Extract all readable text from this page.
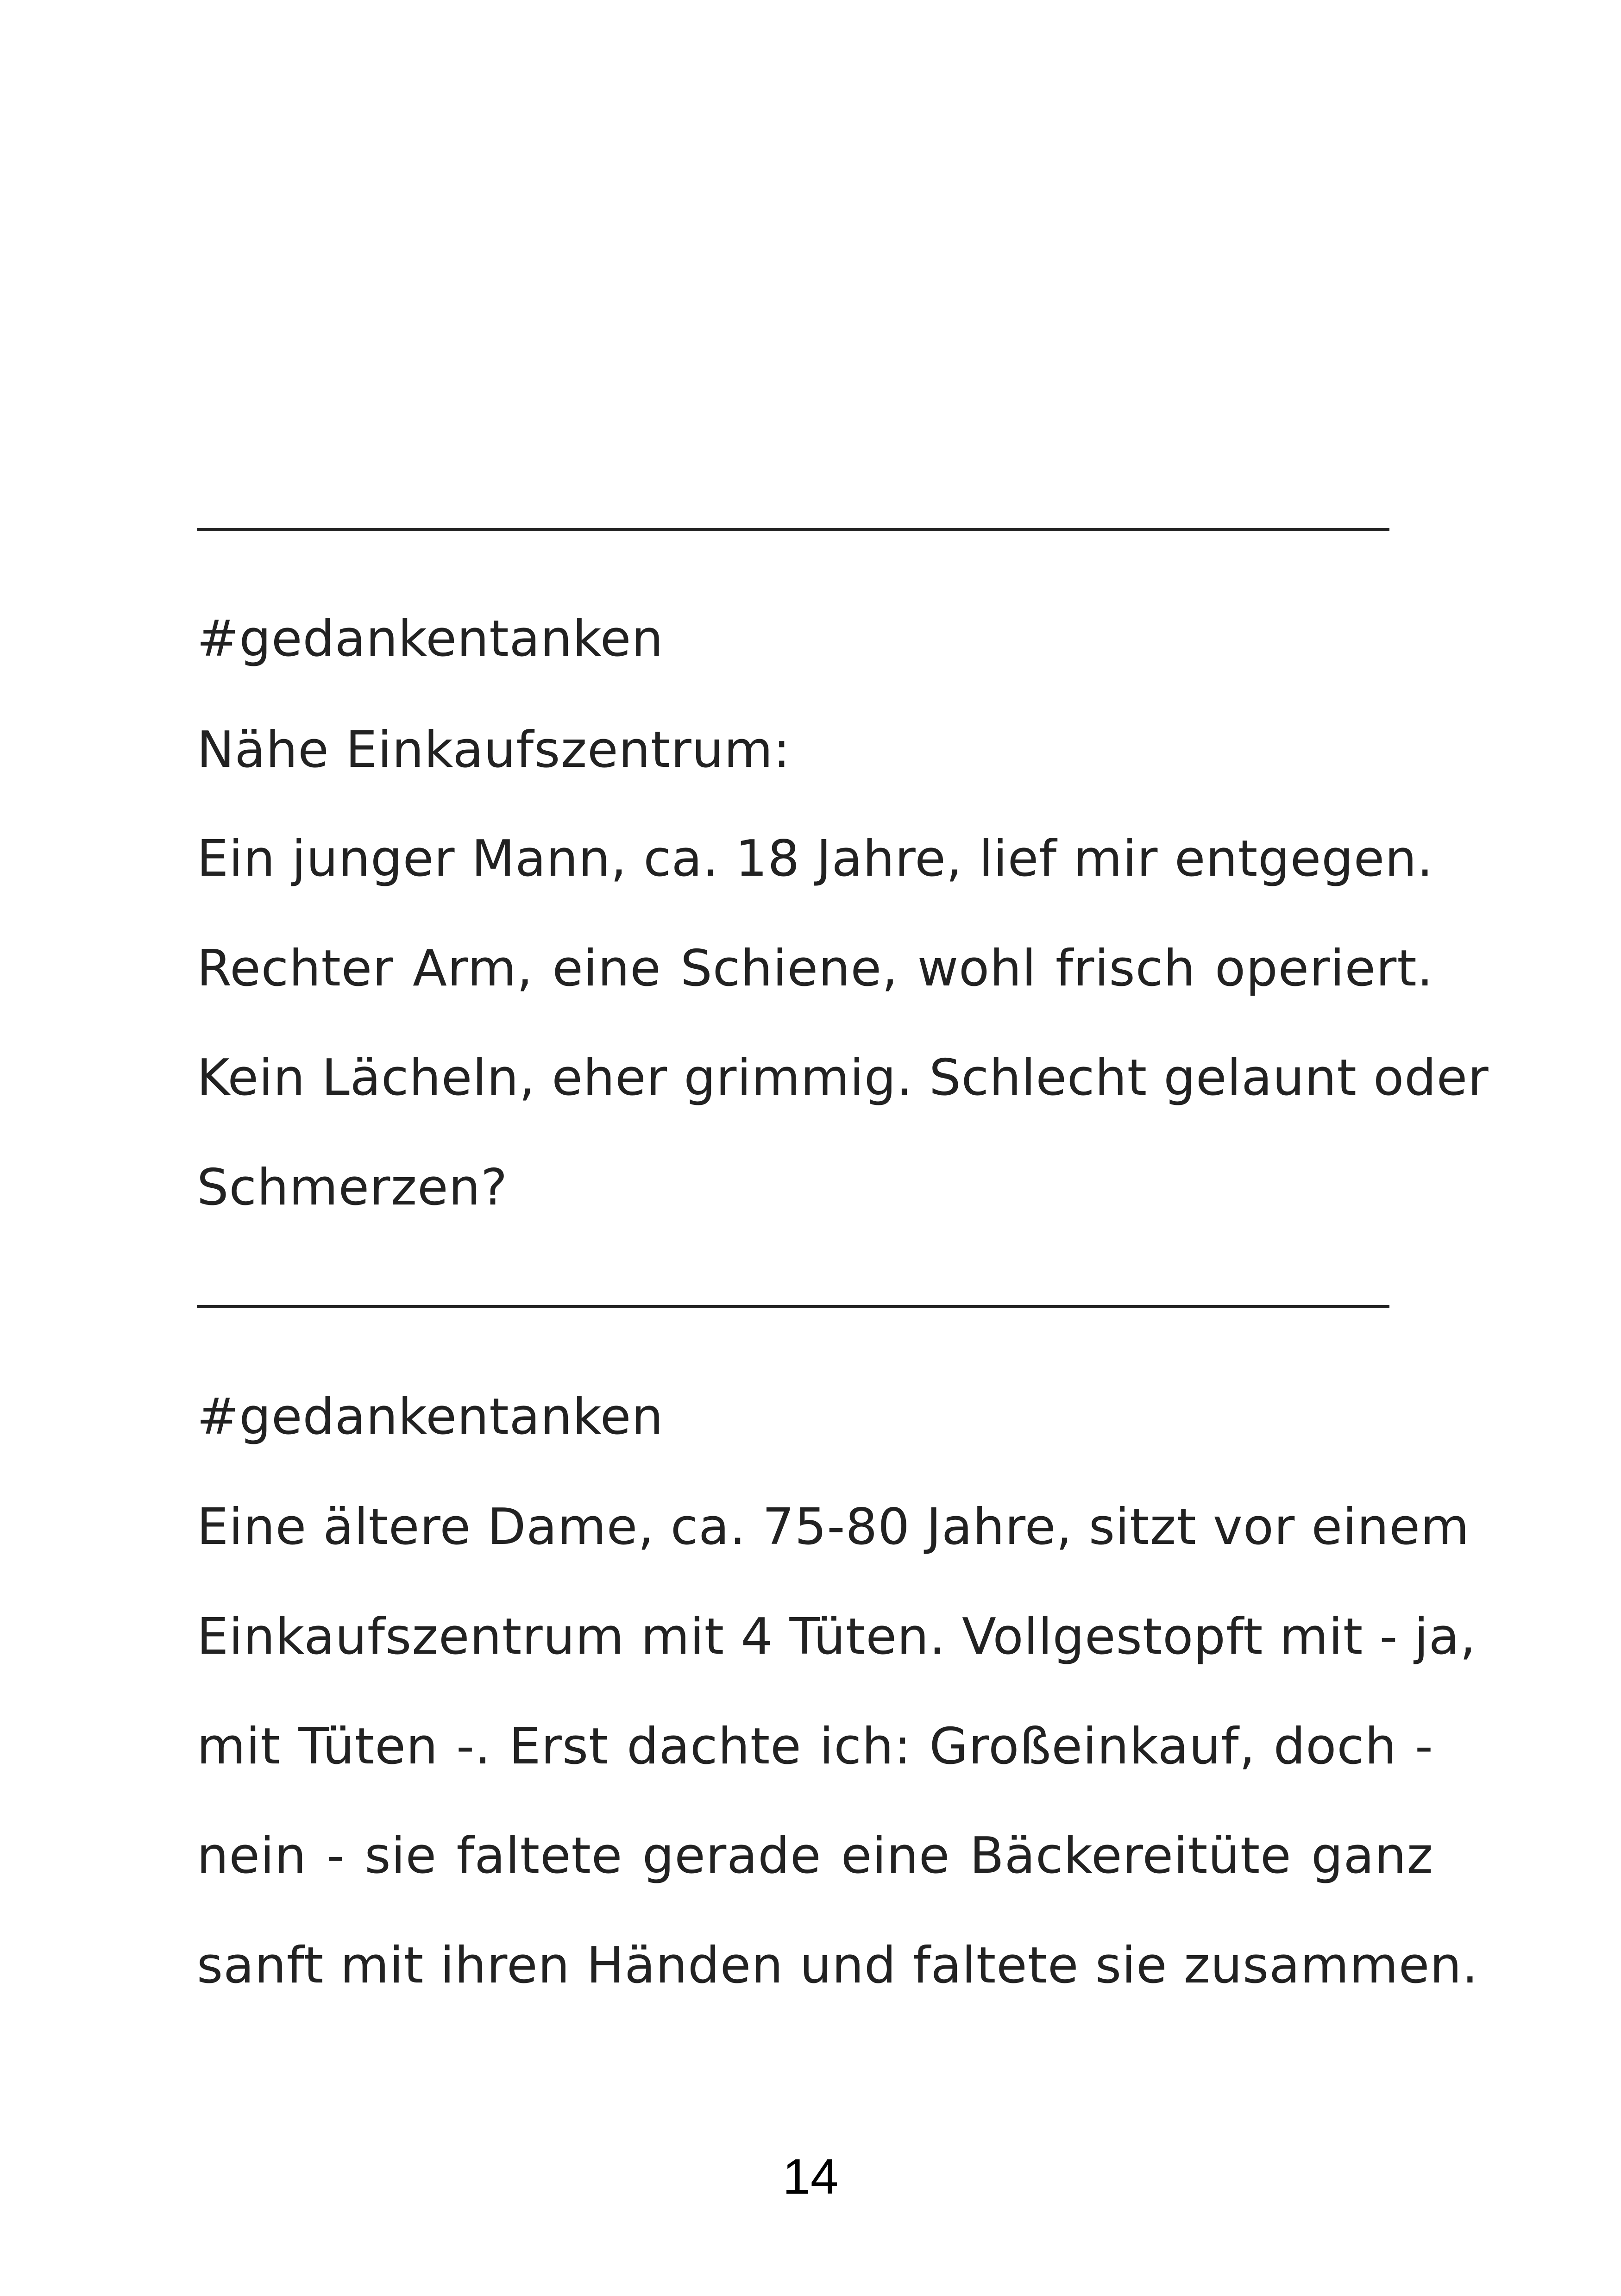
#gedankentanken
Nähe Einkaufszentrum:
Ein junger Mann, ca. 18 Jahre, lief mir entgegen.
Rechter Arm, eine Schiene, wohl frisch operiert.
Kein Lächeln, eher grimmig. Schlecht gelaunt oder
Schmerzen?
#gedankentanken
Eine ältere Dame, ca. 75-80 Jahre, sitzt vor einem
Einkaufszentrum mit 4 Tüten. Vollgestopft mit - ja,
mit Tüten -. Erst dachte ich: Großeinkauf, doch -
nein - sie faltete gerade eine Bäckereitüte ganz
sanft mit ihren Händen und faltete sie zusammen.
14
